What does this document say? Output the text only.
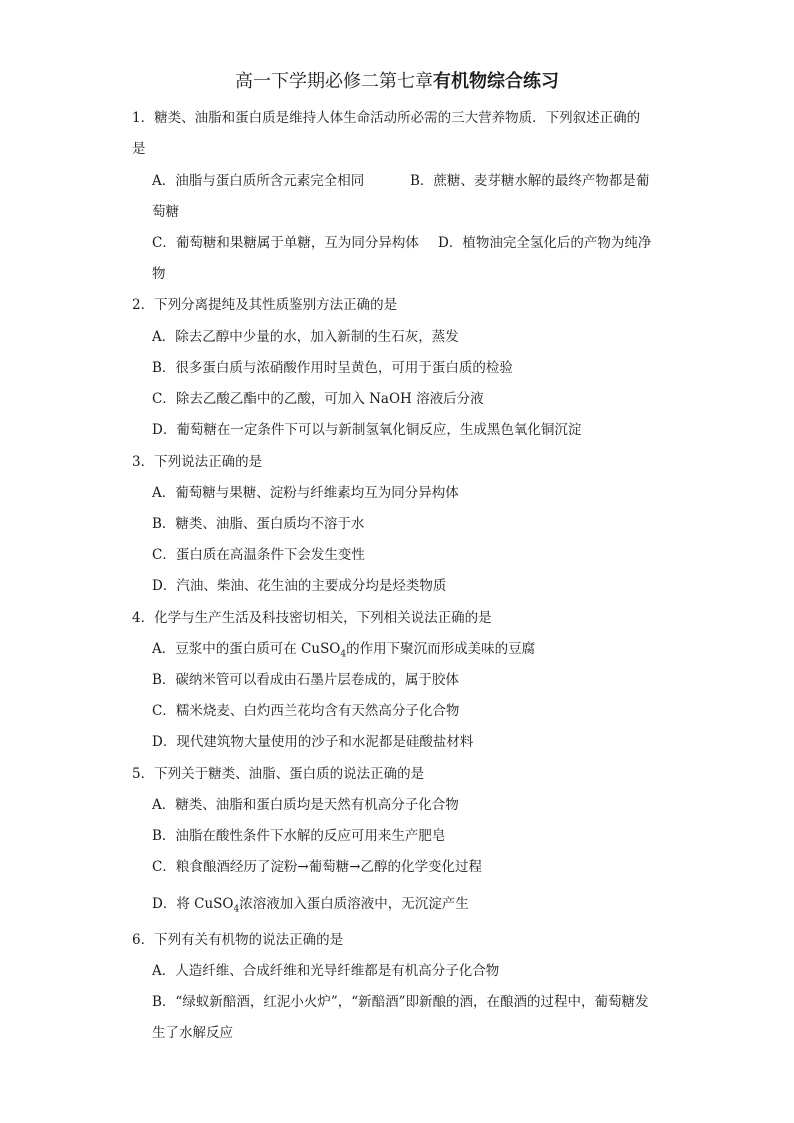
高一下学期必修二第七章有机物综合练习
1．糖类、油脂和蛋白质是维持人体生命活动所必需的三大营养物质．下列叙述正确的
是
A．油脂与蛋白质所含元素完全相同	B．蔗糖、麦芽糖水解的最终产物都是葡
萄糖
C．葡萄糖和果糖属于单糖，互为同分异构体 D．植物油完全氢化后的产物为纯净
物
2．下列分离提纯及其性质鉴别方法正确的是
A．除去乙醇中少量的水，加入新制的生石灰，蒸发
B．很多蛋白质与浓硝酸作用时呈黄色，可用于蛋白质的检验
C．除去乙酸乙酯中的乙酸，可加入 NaOH 溶液后分液
D．葡萄糖在一定条件下可以与新制氢氧化铜反应，生成黑色氧化铜沉淀
3．下列说法正确的是
A．葡萄糖与果糖、淀粉与纤维素均互为同分异构体
B．糖类、油脂、蛋白质均不溶于水
C．蛋白质在高温条件下会发生变性
D．汽油、柴油、花生油的主要成分均是烃类物质
4．化学与生产生活及科技密切相关，下列相关说法正确的是
A．豆浆中的蛋白质可在 CuSO$_4$的作用下聚沉而形成美味的豆腐
B．碳纳米管可以看成由石墨片层卷成的，属于胶体
C．糯米烧麦、白灼西兰花均含有天然高分子化合物
D．现代建筑物大量使用的沙子和水泥都是硅酸盐材料
5．下列关于糖类、油脂、蛋白质的说法正确的是
A．糖类、油脂和蛋白质均是天然有机高分子化合物
B．油脂在酸性条件下水解的反应可用来生产肥皂
C．粮食酿酒经历了淀粉→葡萄糖→乙醇的化学变化过程
D．将 CuSO$_4$浓溶液加入蛋白质溶液中，无沉淀产生
6．下列有关有机物的说法正确的是
A．人造纤维、合成纤维和光导纤维都是有机高分子化合物
B．“绿蚁新醅酒，红泥小火炉”，“新醅酒”即新酿的酒，在酿酒的过程中，葡萄糖发
生了水解反应
